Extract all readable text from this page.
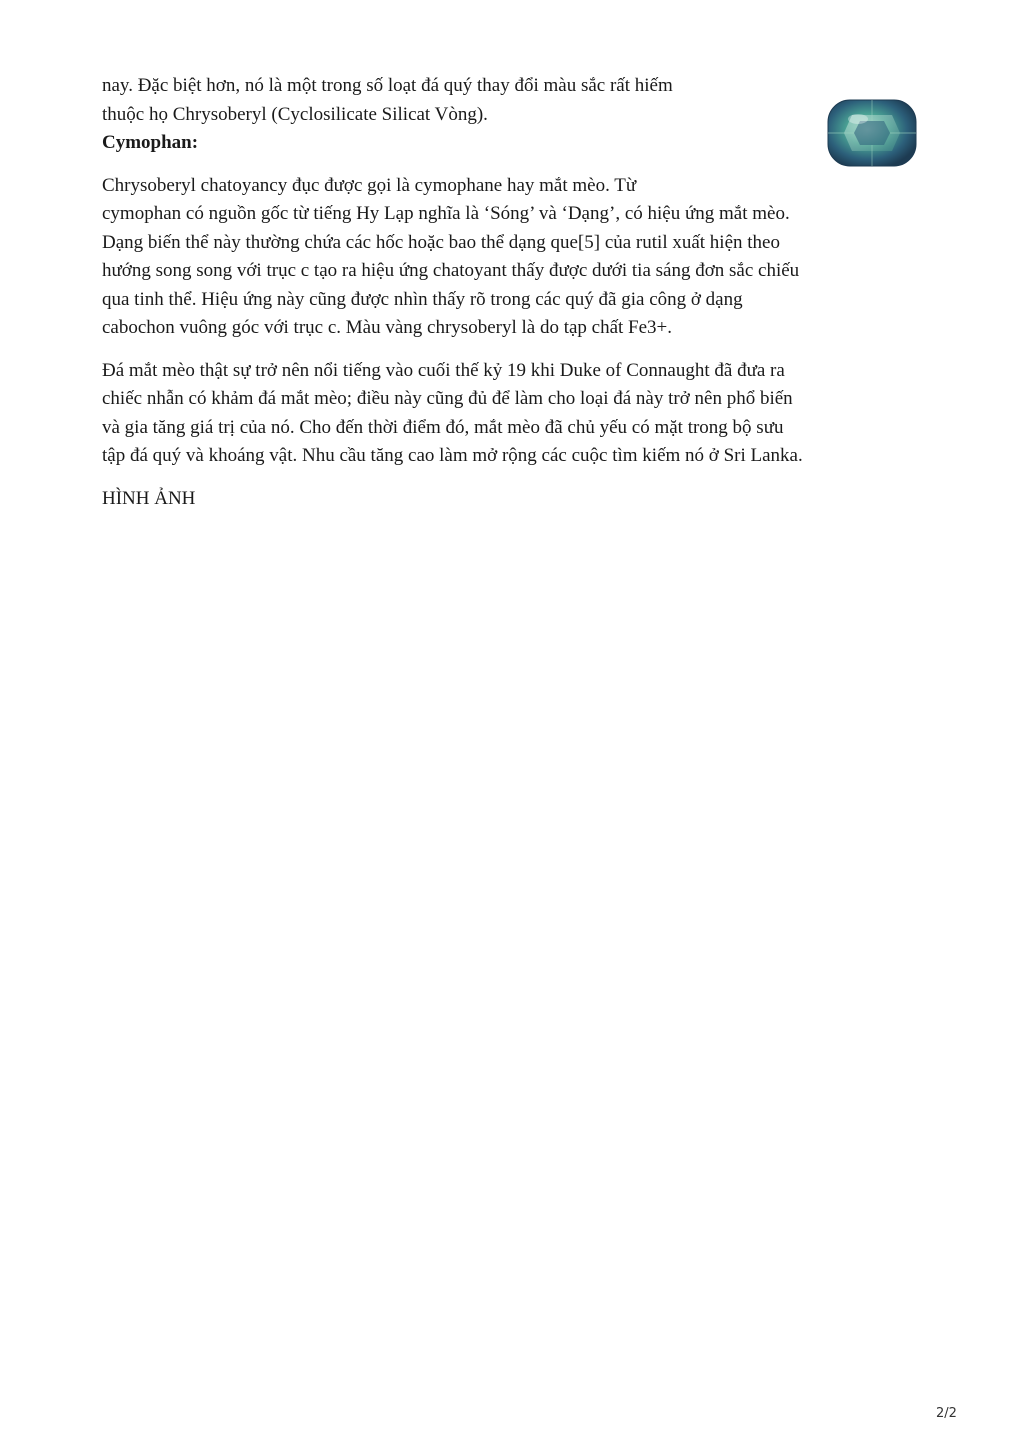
nay. Đặc biệt hơn, nó là một trong số loạt đá quý thay đổi màu sắc rất hiếm
thuộc họ Chrysoberyl (Cyclosilicate Silicat Vòng).
Cymophan:
Chrysoberyl chatoyancy đục được gọi là cymophane hay mắt mèo. Từ
cymophan có nguồn gốc từ tiếng Hy Lạp nghĩa là ‘Sóng’ và ‘Dạng’, có hiệu ứng mắt mèo.
Dạng biến thể này thường chứa các hốc hoặc bao thể dạng que[5] của rutil xuất hiện theo
hướng song song với trục c tạo ra hiệu ứng chatoyant thấy được dưới tia sáng đơn sắc chiếu
qua tinh thể. Hiệu ứng này cũng được nhìn thấy rõ trong các quý đã gia công ở dạng
cabochon vuông góc với trục c. Màu vàng chrysoberyl là do tạp chất Fe3+.
Đá mắt mèo thật sự trở nên nổi tiếng vào cuối thế kỷ 19 khi Duke of Connaught đã đưa ra
chiếc nhẫn có khảm đá mắt mèo; điều này cũng đủ để làm cho loại đá này trở nên phổ biến
và gia tăng giá trị của nó. Cho đến thời điểm đó, mắt mèo đã chủ yếu có mặt trong bộ sưu
tập đá quý và khoáng vật. Nhu cầu tăng cao làm mở rộng các cuộc tìm kiếm nó ở Sri Lanka.
HÌNH ẢNH
2/2
